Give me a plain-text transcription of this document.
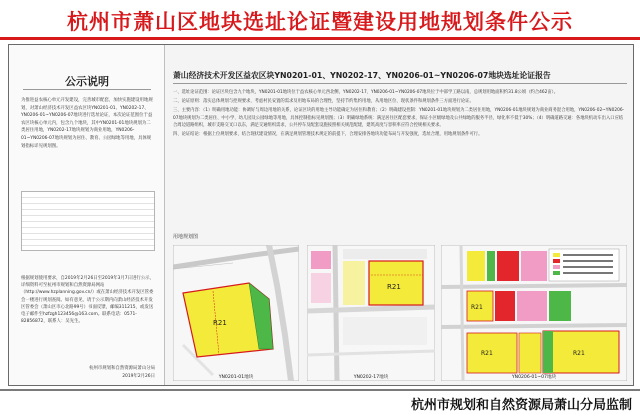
杭州市萧山区地块选址论证暨建设用地规划条件公示
公示说明
为推进益农核心单元开发建设，完善城市配套，加快实施建设用地规划，对萧山经济技术开发区益农区块YN0201-01、YN0202-17、YN0206-01~YN0206-07地块进行选址论证，本次论证范围位于益农区块核心单元内，包含九个地块，其中YN0201-01地块规划为二类居住用地，YN0202-17地块规划为商业用地，YN0206-01~YN0206-07地块规划为居住、教育、公园绿地等用地，具体规划指标详见规划图。
根据规划使用要求，自2019年2月26日至2019年3月7日进行公示，详细资料可至杭州市规划和自然资源局网站（http://www.hzplanning.gov.cn/）或在萧山经济技术开发区管委会一楼进行规划查阅。如有意见，请于公示期内向萧山经济技术开发区管委会（萧山区市心北路99号）书面反馈，邮编311215，或发送电子邮件至hzfzgh123456@163.com。联系电话：0571-82856872，联系人：吴先生。
杭州市规划和自然资源局萧山分局
2019年2月26日
萧山经济技术开发区益农区块YN0201-01、YN0202-17、YN0206-01~YN0206-07地块选址论证报告

一、选址论证范围：论证区块包含九个地块，YN0201-01地块位于益农核心单元西北侧，YN0202-17、YN0206-01~YN0206-07地块位于中部学工路以南，总规划用地面积约31.8公顷（约合462亩）。

二、论证原则：落实总体规划与控规要求，考虑村民安置的需求及用地布局的合理性，坚持节约集约用地，从用地区位、现状条件和规划条件三方面进行论证。

三、主要内容：（1）明确用地功能：协调好与周边用地的关系，论证区块的用地主导功能确定为居住和教育；（2）明确建设控制：YN0201-01地块规划为二类居住用地，YN0206-01地块规划为商业商务混合用地，YN0206-02~YN0206-07地块规划为二类居住、中小学、幼儿园及公园绿地等用地，具体控制指标见规划图；（3）明确绿地系统：满足居住区配套要求，保证小区级绿地及公共绿地的服务半径，绿化率不低于30%；（4）明确道路交通：各地块机动车出入口应结合周边道路组织，城市支路交叉口以东，满足交通组织需求，公共停车及配套设施按照相关规范配建，建筑高度与容积率应符合控规相关要求。

四、论证结论：根据上位规划要求，结合现状建设情况，在满足规划管理技术规定的前提下，合理安排各地块功能布局与开发强度，选址合理，用地规划条件可行。

用地规划图
R21
YN0201-01地块
R21
YN0202-17地块
R21
R21	R21
YN0206-01~07地块
杭州市规划和自然资源局萧山分局监制
